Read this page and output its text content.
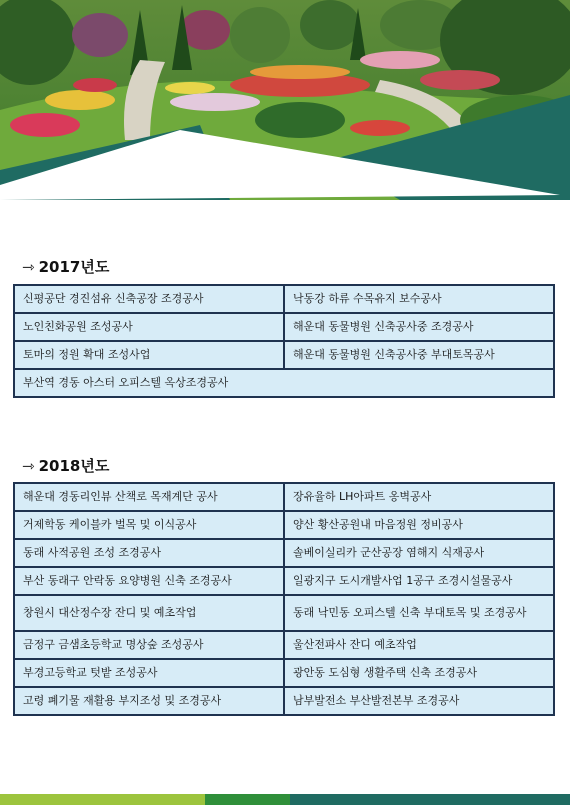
⇾ 공사실적
⇾ 2017년도
신평공단 경진섬유 신축공장 조경공사	낙동강 하류 수목유지 보수공사
노인친화공원 조성공사	해운대 동물병원 신축공사중 조경공사
토마의 정원 확대 조성사업	해운대 동물병원 신축공사중 부대토목공사
부산역 경동 아스터 오피스텔 옥상조경공사	
⇾ 2018년도
해운대 경동리인뷰 산책로 목재계단 공사	장유율하 LH아파트 옹벽공사
거제학동 케이블카 벌목 및 이식공사	양산 황산공원내 마음정원 정비공사
동래 사적공원 조성 조경공사	솔베이실리카 군산공장 염해지 식재공사
부산 동래구 안락동 요양병원 신축 조경공사	일광지구 도시개발사업 1공구 조경시설물공사
창원시 대산정수장 잔디 및 예초작업	동래 낙민동 오피스텔 신축 부대토목 및 조경공사
금정구 금샘초등학교 명상숲 조성공사	울산전파사 잔디 예초작업
부경고등학교 텃밭 조성공사	광안동 도심형 생활주택 신축 조경공사
고령 폐기물 재활용 부지조성 및 조경공사	남부발전소 부산발전본부 조경공사
